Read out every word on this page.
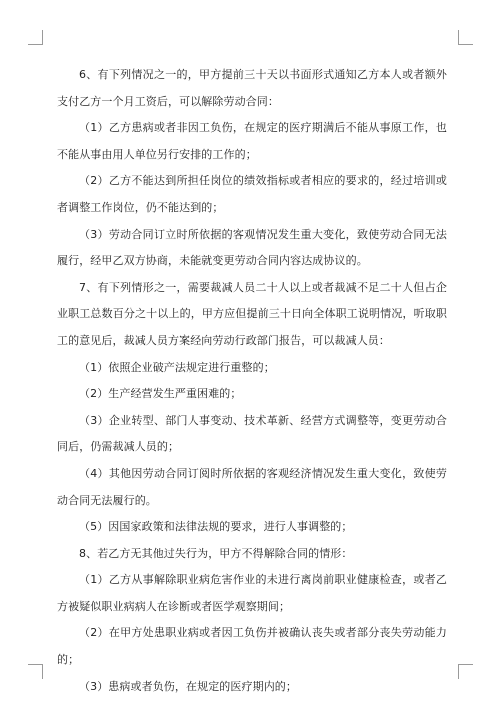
6、有下列情况之一的，甲方提前三十天以书面形式通知乙方本人或者额外支付乙方一个月工资后，可以解除劳动合同：

（1）乙方患病或者非因工负伤，在规定的医疗期满后不能从事原工作，也不能从事由用人单位另行安排的工作的；

（2）乙方不能达到所担任岗位的绩效指标或者相应的要求的，经过培训或者调整工作岗位，仍不能达到的；

（3）劳动合同订立时所依据的客观情况发生重大变化，致使劳动合同无法履行，经甲乙双方协商，未能就变更劳动合同内容达成协议的。

7、有下列情形之一，需要裁减人员二十人以上或者裁减不足二十人但占企业职工总数百分之十以上的，甲方应但提前三十日向全体职工说明情况，听取职工的意见后，裁减人员方案经向劳动行政部门报告，可以裁减人员：

（1）依照企业破产法规定进行重整的；

（2）生产经营发生严重困难的；

（3）企业转型、部门人事变动、技术革新、经营方式调整等，变更劳动合同后，仍需裁减人员的；

（4）其他因劳动合同订阅时所依据的客观经济情况发生重大变化，致使劳动合同无法履行的。

（5）因国家政策和法律法规的要求，进行人事调整的；

8、若乙方无其他过失行为，甲方不得解除合同的情形：

（1）乙方从事解除职业病危害作业的未进行离岗前职业健康检查，或者乙方被疑似职业病病人在诊断或者医学观察期间；

（2）在甲方处患职业病或者因工负伤并被确认丧失或者部分丧失劳动能力的；

（3）患病或者负伤，在规定的医疗期内的；
